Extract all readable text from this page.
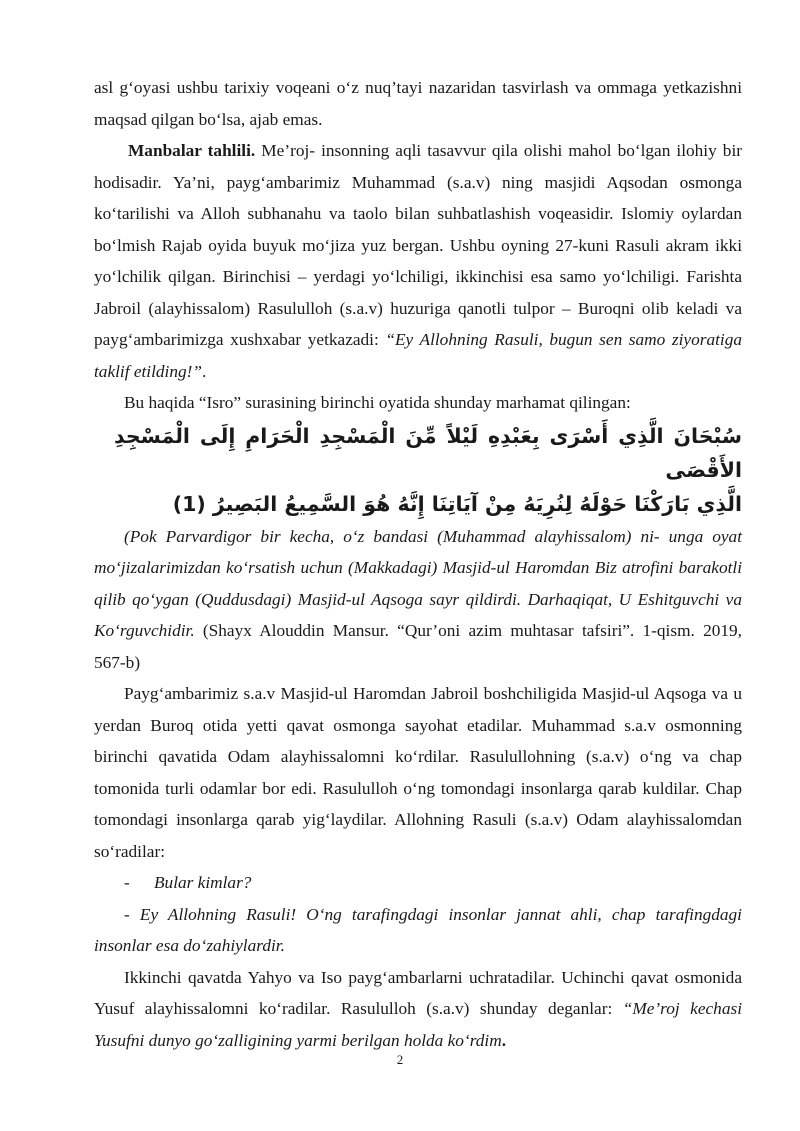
asl g‘oyasi ushbu tarixiy voqeani o‘z nuq’tayi nazaridan tasvirlash va ommaga yetkazishni maqsad qilgan bo‘lsa, ajab emas.

Manbalar tahlili. Me’roj- insonning aqli tasavvur qila olishi mahol bo‘lgan ilohiy bir hodisadir. Ya’ni, payg‘ambarimiz Muhammad (s.a.v) ning masjidi Aqsodan osmonga ko‘tarilishi va Alloh subhanahu va taolo bilan suhbatlashish voqeasidir. Islomiy oylardan bo‘lmish Rajab oyida buyuk mo‘jiza yuz bergan. Ushbu oyning 27-kuni Rasuli akram ikki yo‘lchilik qilgan. Birinchisi – yerdagi yo‘lchiligi, ikkinchisi esa samo yo‘lchiligi. Farishta Jabroil (alayhissalom) Rasululloh (s.a.v) huzuriga qanotli tulpor – Buroqni olib keladi va payg‘ambarimizga xushxabar yetkazadi: “Ey Allohning Rasuli, bugun sen samo ziyoratiga taklif etilding!”.

Bu haqida “Isro” surasining birinchi oyatida shunday marhamat qilingan:

سُبْحَانَ الَّذِي أَسْرَى بِعَبْدِهِ لَيْلاً مِّنَ الْمَسْجِدِ الْحَرَامِ إِلَى الْمَسْجِدِ الأَقْصَى

الَّذِي بَارَكْنَا حَوْلَهُ لِنُرِيَهُ مِنْ آيَاتِنَا إِنَّهُ هُوَ السَّمِيعُ البَصِيرُ (1)

(Pok Parvardigor bir kecha, o‘z bandasi (Muhammad alayhissalom) ni- unga oyat mo‘jizalarimizdan ko‘rsatish uchun (Makkadagi) Masjid-ul Haromdan Biz atrofini barakotli qilib qo‘ygan (Quddusdagi) Masjid-ul Aqsoga sayr qildirdi. Darhaqiqat, U Eshitguvchi va Ko‘rguvchidir. (Shayx Alouddin Mansur. “Qur’oni azim muhtasar tafsiri”. 1-qism. 2019, 567-b)

Payg‘ambarimiz s.a.v Masjid-ul Haromdan Jabroil boshchiligida Masjid-ul Aqsoga va u yerdan Buroq otida yetti qavat osmonga sayohat etadilar. Muhammad s.a.v osmonning birinchi qavatida Odam alayhissalomni ko‘rdilar. Rasulullohning (s.a.v) o‘ng va chap tomonida turli odamlar bor edi. Rasululloh o‘ng tomondagi insonlarga qarab kuldilar. Chap tomondagi insonlarga qarab yig‘laydilar. Allohning Rasuli (s.a.v) Odam alayhissalomdan so‘radilar:

-	Bular kimlar?

- Ey Allohning Rasuli! O‘ng tarafingdagi insonlar jannat ahli, chap tarafingdagi insonlar esa do‘zahiylardir.

Ikkinchi qavatda Yahyo va Iso payg‘ambarlarni uchratadilar. Uchinchi qavat osmonida Yusuf alayhissalomni ko‘radilar. Rasululloh (s.a.v) shunday deganlar: “Me’roj kechasi Yusufni dunyo go‘zalligining yarmi berilgan holda ko‘rdim.

2
